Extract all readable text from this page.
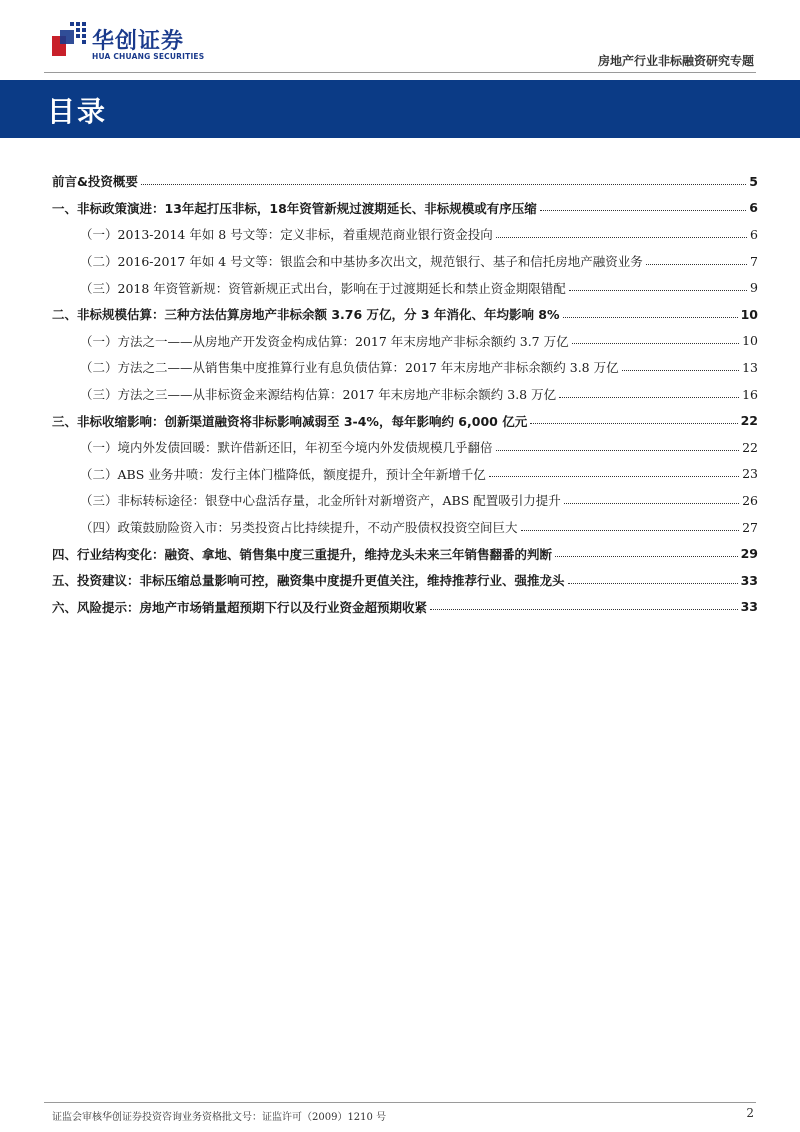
华创证券
HUA CHUANG SECURITIES	房地产行业非标融资研究专题
目录
前言&投资概要	5
一、非标政策演进：13年起打压非标，18年资管新规过渡期延长、非标规模或有序压缩	6
（一）2013-2014 年如 8 号文等：定义非标，着重规范商业银行资金投向	6
（二）2016-2017 年如 4 号文等：银监会和中基协多次出文，规范银行、基子和信托房地产融资业务	7
（三）2018 年资管新规：资管新规正式出台，影响在于过渡期延长和禁止资金期限错配	9
二、非标规模估算：三种方法估算房地产非标余额 3.76 万亿，分 3 年消化、年均影响 8%	10
（一）方法之一——从房地产开发资金构成估算：2017 年末房地产非标余额约 3.7 万亿	10
（二）方法之二——从销售集中度推算行业有息负债估算：2017 年末房地产非标余额约 3.8 万亿	13
（三）方法之三——从非标资金来源结构估算：2017 年末房地产非标余额约 3.8 万亿	16
三、非标收缩影响：创新渠道融资将非标影响减弱至 3-4%，每年影响约 6,000 亿元	22
（一）境内外发债回暖：默许借新还旧，年初至今境内外发债规模几乎翻倍	22
（二）ABS 业务井喷：发行主体门槛降低，额度提升，预计全年新增千亿	23
（三）非标转标途径：银登中心盘活存量，北金所针对新增资产，ABS 配置吸引力提升	26
（四）政策鼓励险资入市：另类投资占比持续提升，不动产股债权投资空间巨大	27
四、行业结构变化：融资、拿地、销售集中度三重提升，维持龙头未来三年销售翻番的判断	29
五、投资建议：非标压缩总量影响可控，融资集中度提升更值关注，维持推荐行业、强推龙头	33
六、风险提示：房地产市场销量超预期下行以及行业资金超预期收紧	33
证监会审核华创证券投资咨询业务资格批文号：证监许可（2009）1210 号	2
